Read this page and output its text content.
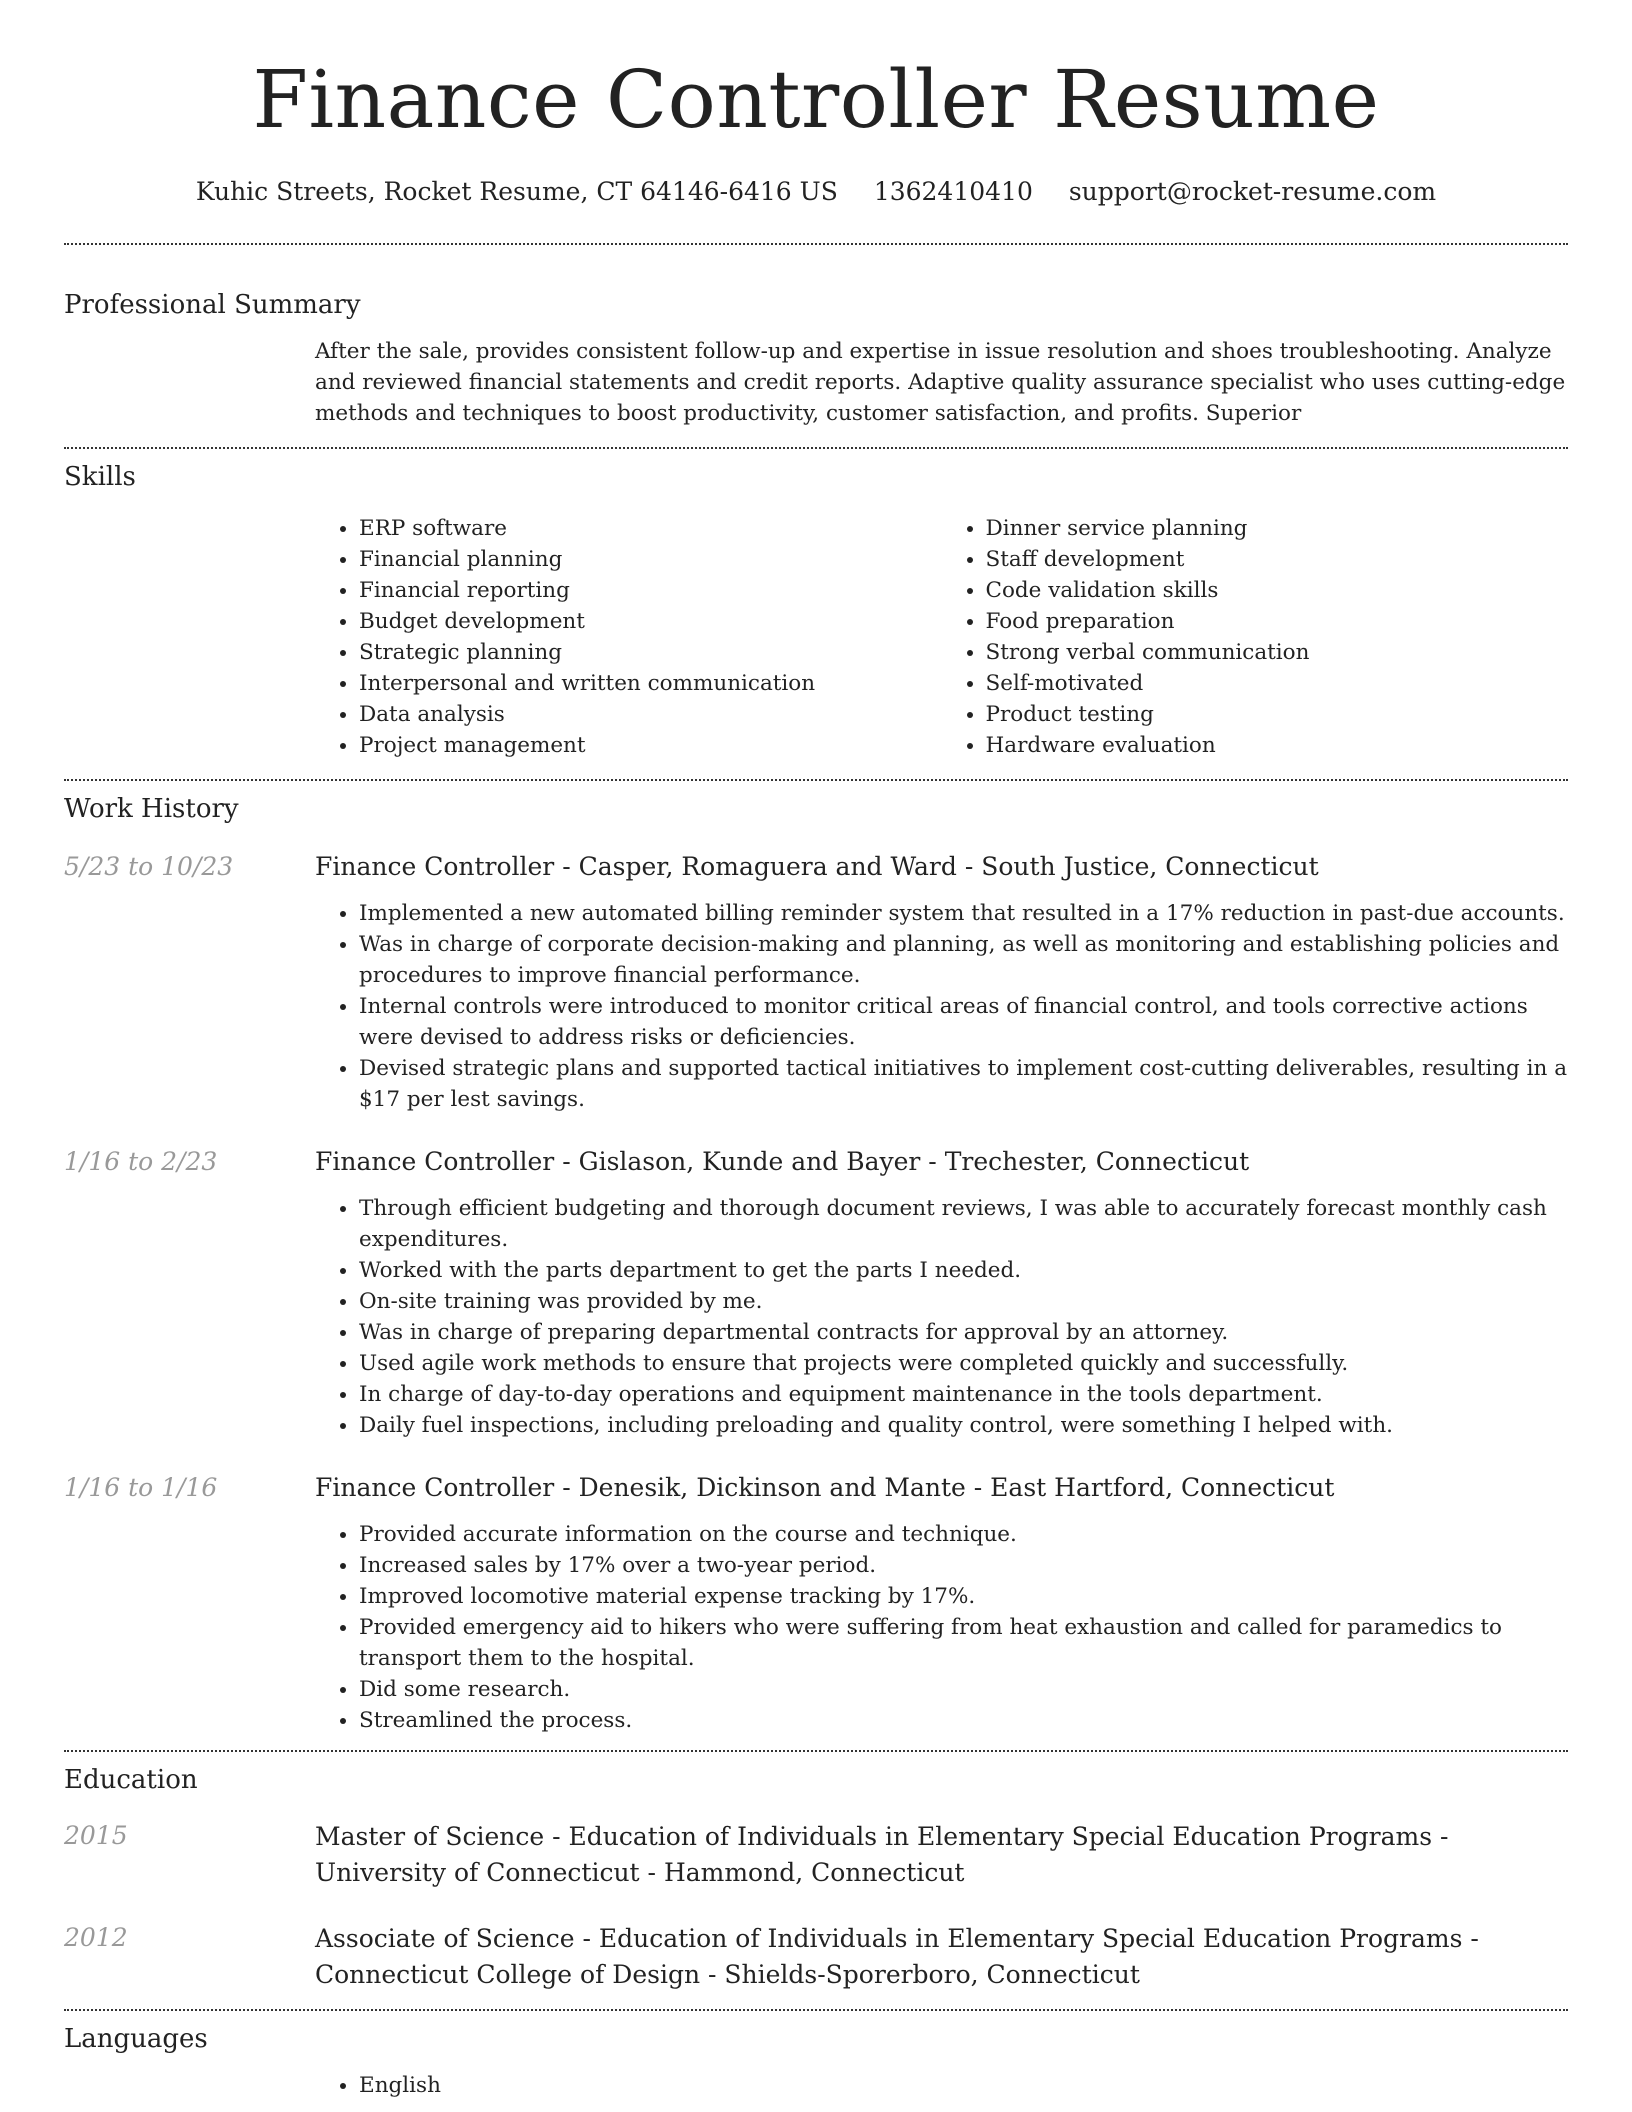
Finance Controller Resume
Kuhic Streets, Rocket Resume, CT 64146-6416 US 1362410410 support@rocket-resume.com
Professional Summary

After the sale, provides consistent follow-up and expertise in issue resolution and shoes troubleshooting. Analyze and reviewed financial statements and credit reports. Adaptive quality assurance specialist who uses cutting-edge methods and techniques to boost productivity, customer satisfaction, and profits. Superior

Skills
• ERP software
• Financial planning
• Financial reporting
• Budget development
• Strategic planning
• Interpersonal and written communication
• Data analysis
• Project management
• Dinner service planning
• Staff development
• Code validation skills
• Food preparation
• Strong verbal communication
• Self-motivated
• Product testing
• Hardware evaluation
Work History
5/23 to 10/23	Finance Controller - Casper, Romaguera and Ward - South Justice, Connecticut

• Implemented a new automated billing reminder system that resulted in a 17% reduction in past-due accounts.
• Was in charge of corporate decision-making and planning, as well as monitoring and establishing policies and procedures to improve financial performance.
• Internal controls were introduced to monitor critical areas of financial control, and tools corrective actions were devised to address risks or deficiencies.
• Devised strategic plans and supported tactical initiatives to implement cost-cutting deliverables, resulting in a $17 per lest savings.
1/16 to 2/23	Finance Controller - Gislason, Kunde and Bayer - Trechester, Connecticut

• Through efficient budgeting and thorough document reviews, I was able to accurately forecast monthly cash expenditures.
• Worked with the parts department to get the parts I needed.
• On-site training was provided by me.
• Was in charge of preparing departmental contracts for approval by an attorney.
• Used agile work methods to ensure that projects were completed quickly and successfully.
• In charge of day-to-day operations and equipment maintenance in the tools department.
• Daily fuel inspections, including preloading and quality control, were something I helped with.
1/16 to 1/16	Finance Controller - Denesik, Dickinson and Mante - East Hartford, Connecticut

• Provided accurate information on the course and technique.
• Increased sales by 17% over a two-year period.
• Improved locomotive material expense tracking by 17%.
• Provided emergency aid to hikers who were suffering from heat exhaustion and called for paramedics to transport them to the hospital.
• Did some research.
• Streamlined the process.
Education
2015	Master of Science - Education of Individuals in Elementary Special Education Programs - University of Connecticut - Hammond, Connecticut

2012	Associate of Science - Education of Individuals in Elementary Special Education Programs - Connecticut College of Design - Shields-Sporerboro, Connecticut

Languages
• English
